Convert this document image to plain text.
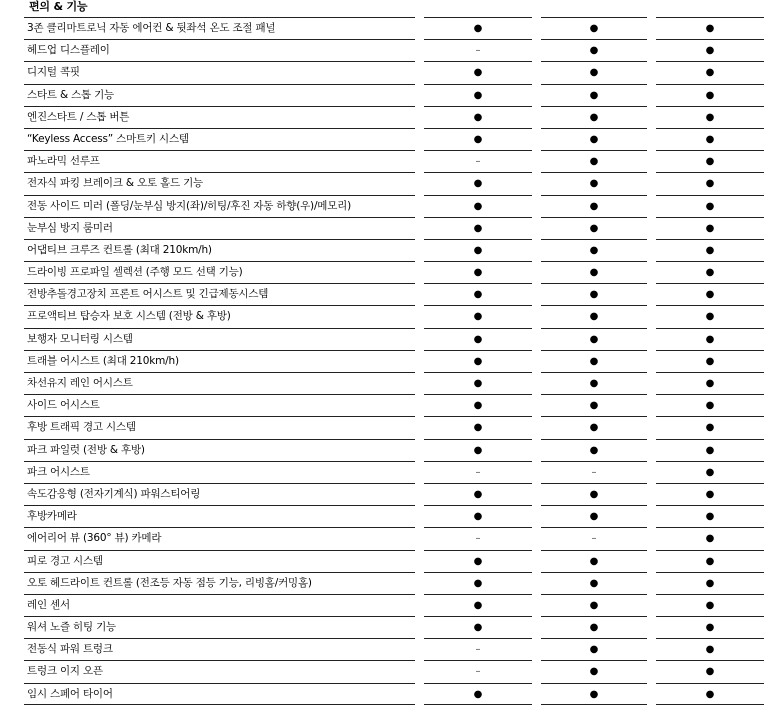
편의 & 기능
3존 클리마트로닉 자동 에어컨 & 뒷좌석 온도 조절 패널	●	●	●
헤드업 디스플레이	–	●	●
디지털 콕핏	●	●	●
스타트 & 스톱 기능	●	●	●
엔진스타트 / 스톱 버튼	●	●	●
“Keyless Access” 스마트키 시스템	●	●	●
파노라믹 선루프	–	●	●
전자식 파킹 브레이크 & 오토 홀드 기능	●	●	●
전동 사이드 미러 (폴딩/눈부심 방지(좌)/히팅/후진 자동 하향(우)/메모리)	●	●	●
눈부심 방지 룸미러	●	●	●
어댑티브 크루즈 컨트롤 (최대 210km/h)	●	●	●
드라이빙 프로파일 셀렉션 (주행 모드 선택 기능)	●	●	●
전방추돌경고장치 프론트 어시스트 및 긴급제동시스템	●	●	●
프로액티브 탑승자 보호 시스템 (전방 & 후방)	●	●	●
보행자 모니터링 시스템	●	●	●
트래블 어시스트 (최대 210km/h)	●	●	●
차선유지 레인 어시스트	●	●	●
사이드 어시스트	●	●	●
후방 트래픽 경고 시스템	●	●	●
파크 파일럿 (전방 & 후방)	●	●	●
파크 어시스트	–	–	●
속도감응형 (전자기계식) 파워스티어링	●	●	●
후방카메라	●	●	●
에어리어 뷰 (360° 뷰) 카메라	–	–	●
피로 경고 시스템	●	●	●
오토 헤드라이트 컨트롤 (전조등 자동 점등 기능, 리빙홈/커밍홈)	●	●	●
레인 센서	●	●	●
워셔 노즐 히팅 기능	●	●	●
전동식 파워 트렁크	–	●	●
트렁크 이지 오픈	–	●	●
임시 스페어 타이어	●	●	●
